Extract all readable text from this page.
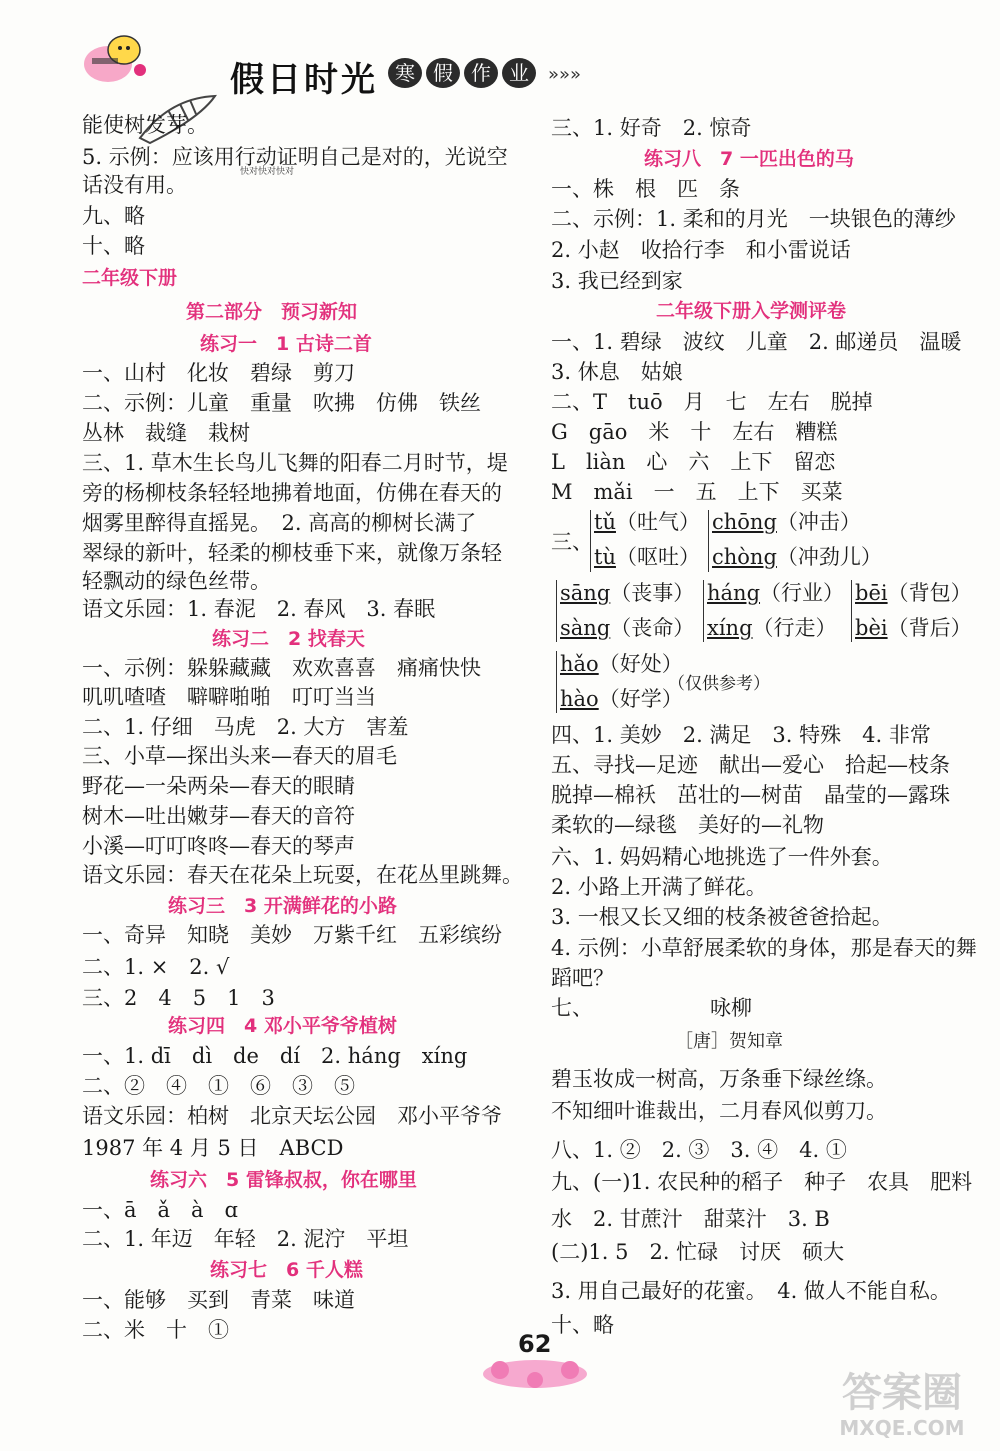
假日时光 寒 假 作 业	»»»
能使树发芽。
5. 示例：应该用行动证明自己是对的，光说空
快对快对快对
话没有用。
九、略
十、略
二年级下册
第二部分　预习新知
练习一　1 古诗二首
一、山村　化妆　碧绿　剪刀
二、示例：儿童　重量　吹拂　仿佛　铁丝
丛林　裁缝　栽树
三、1. 草木生长鸟儿飞舞的阳春二月时节，堤
旁的杨柳枝条轻轻地拂着地面，仿佛在春天的
烟雾里醉得直摇晃。　2. 高高的柳树长满了
翠绿的新叶，轻柔的柳枝垂下来，就像万条轻
轻飘动的绿色丝带。
语文乐园：1. 春泥　2. 春风　3. 春眠
练习二　2 找春天
一、示例：躲躲藏藏　欢欢喜喜　痛痛快快
叽叽喳喳　噼噼啪啪　叮叮当当
二、1. 仔细　马虎　2. 大方　害羞
三、小草—探出头来—春天的眉毛
野花—一朵两朵—春天的眼睛
树木—吐出嫩芽—春天的音符
小溪—叮叮咚咚—春天的琴声
语文乐园：春天在花朵上玩耍，在花丛里跳舞。
练习三　3 开满鲜花的小路
一、奇异　知晓　美妙　万紫千红　五彩缤纷
二、1. ×　2. √
三、2　4　5　1　3
练习四　4 邓小平爷爷植树
一、1. dī　dì　de　dí　2. háng　xíng
二、②　④　①　⑥　③　⑤
语文乐园：柏树　北京天坛公园　邓小平爷爷
1987 年 4 月 5 日　ABCD
练习六　5 雷锋叔叔，你在哪里
一、ā　ǎ　à　ɑ
二、1. 年迈　年轻　2. 泥泞　平坦
练习七　6 千人糕
一、能够　买到　青菜　味道
二、米　十　①
三、1. 好奇　2. 惊奇
练习八　7 一匹出色的马
一、株　根　匹　条
二、示例：1. 柔和的月光　一块银色的薄纱
2. 小赵　收拾行李　和小雷说话
3. 我已经到家
二年级下册入学测评卷
一、1. 碧绿　波纹　儿童　2. 邮递员　温暖
3. 休息　姑娘
二、T　tuō　月　七　左右　脱掉
G　gāo　米　十　左右　糟糕
L　liàn　心　六　上下　留恋
M　mǎi　一　五　上下　买菜
三、
tǔ（吐气）
tù（呕吐）
chōng（冲击）
chòng（冲劲儿）
sāng（丧事）
sàng（丧命）
háng（行业）
xíng（行走）
bēi（背包）
bèi（背后）
hǎo（好处）
hào（好学）
（仅供参考）
四、1. 美妙　2. 满足　3. 特殊　4. 非常
五、寻找—足迹　献出—爱心　拾起—枝条
脱掉—棉袄　茁壮的—树苗　晶莹的—露珠
柔软的—绿毯　美好的—礼物
六、1. 妈妈精心地挑选了一件外套。
2. 小路上开满了鲜花。
3. 一根又长又细的枝条被爸爸拾起。
4. 示例：小草舒展柔软的身体，那是春天的舞
蹈吧？
七、	咏柳
［唐］贺知章
碧玉妆成一树高，万条垂下绿丝绦。
不知细叶谁裁出，二月春风似剪刀。
八、1. ②　2. ③　3. ④　4. ①
九、(一)1. 农民种的稻子　种子　农具　肥料
水　2. 甘蔗汁　甜菜汁　3. B
(二)1. 5　2. 忙碌　讨厌　硕大
3. 用自己最好的花蜜。　4. 做人不能自私。
十、略
62
答案圈
MXQE.COM
